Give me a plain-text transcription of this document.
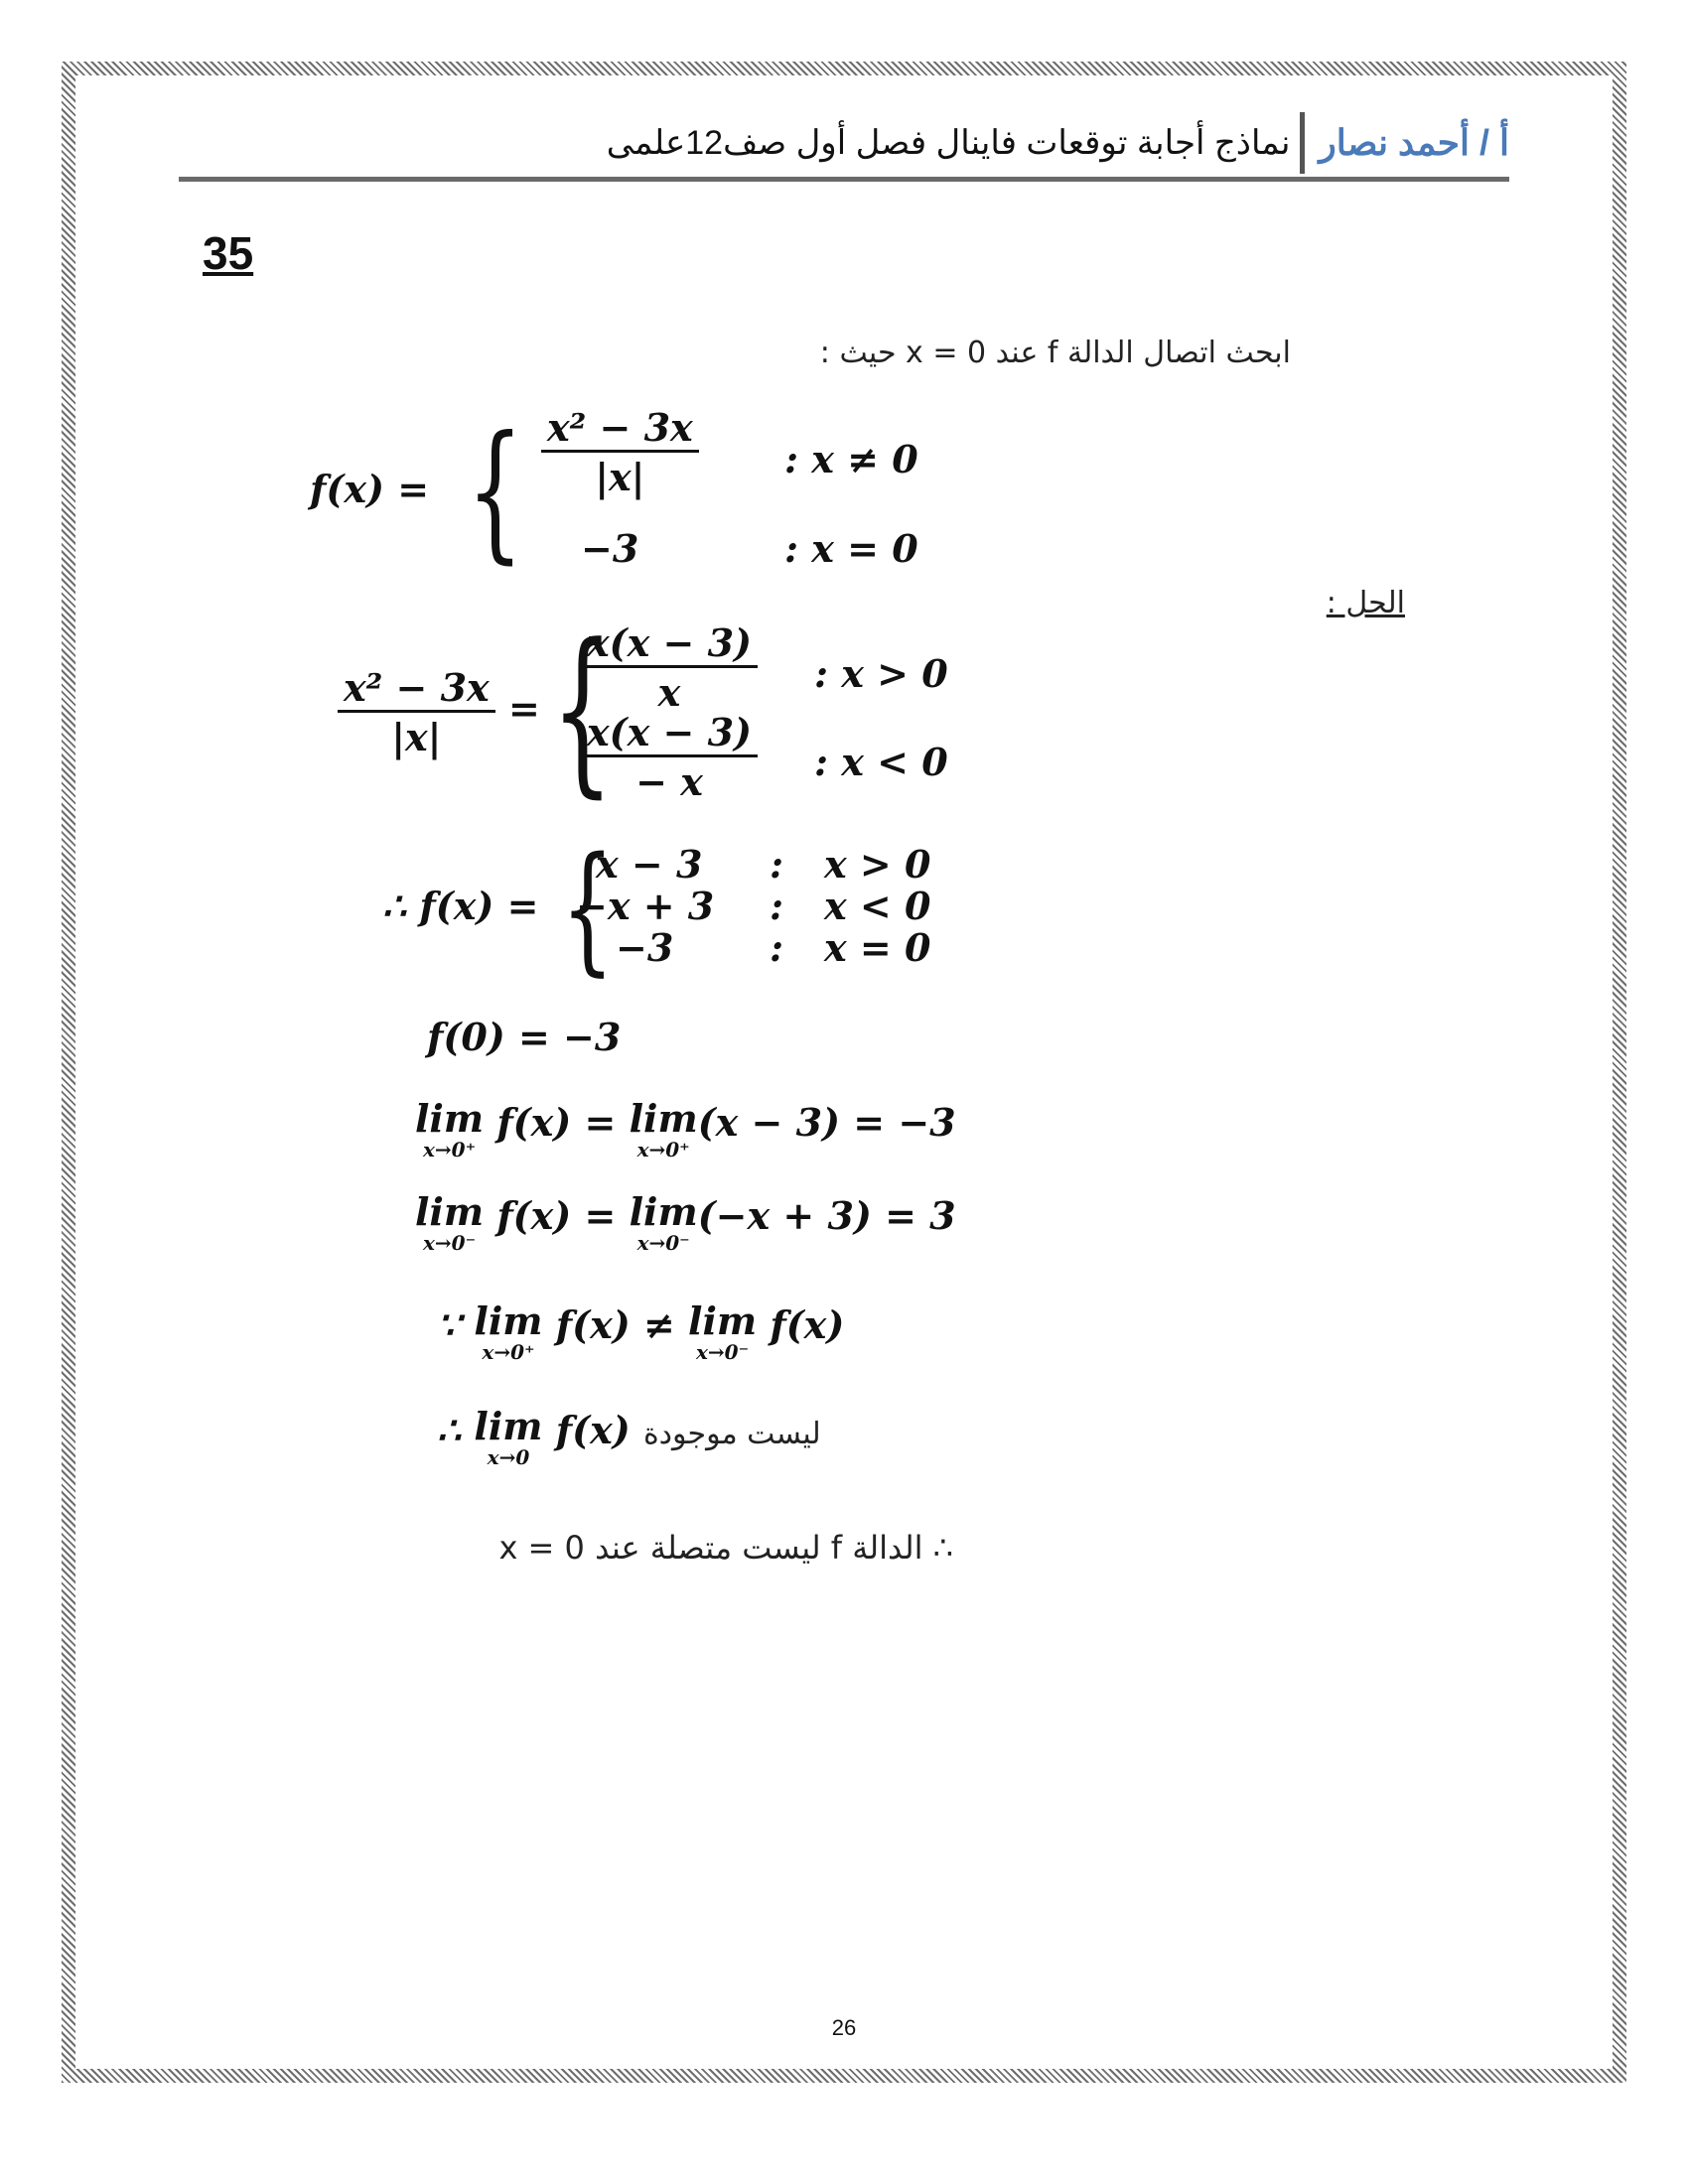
أ / أحمد نصار
نماذج أجابة توقعات فاينال فصل أول صف12علمى
35
ابحث اتصال الدالة f عند x = 0 حيث :
f(x) = { $\frac{\text{x² − 3x}}{|x|}$ : x ≠ 0
−3	: x = 0
الحل :
$\frac{\text{x² − 3x}}{|x|}$ = {
$\frac{x(x - 3)}{x}$ : x > 0
$\frac{x(x - 3)}{- x}$ : x < 0
∴ f(x) = {
x − 3 : x > 0
−x + 3 : x < 0
−3	: x = 0
f(0) = −3
lim
x→0⁺
f(x) = lim
x→0⁺
(x − 3) = −3
lim
x→0⁻
f(x) = lim
x→0⁻
(−x + 3) = 3
∵ lim
x→0⁺
f(x) ≠ lim
x→0⁻
f(x)
∴ lim
x→0
f(x) ليست موجودة
∴ الدالة f ليست متصلة عند x = 0
26
